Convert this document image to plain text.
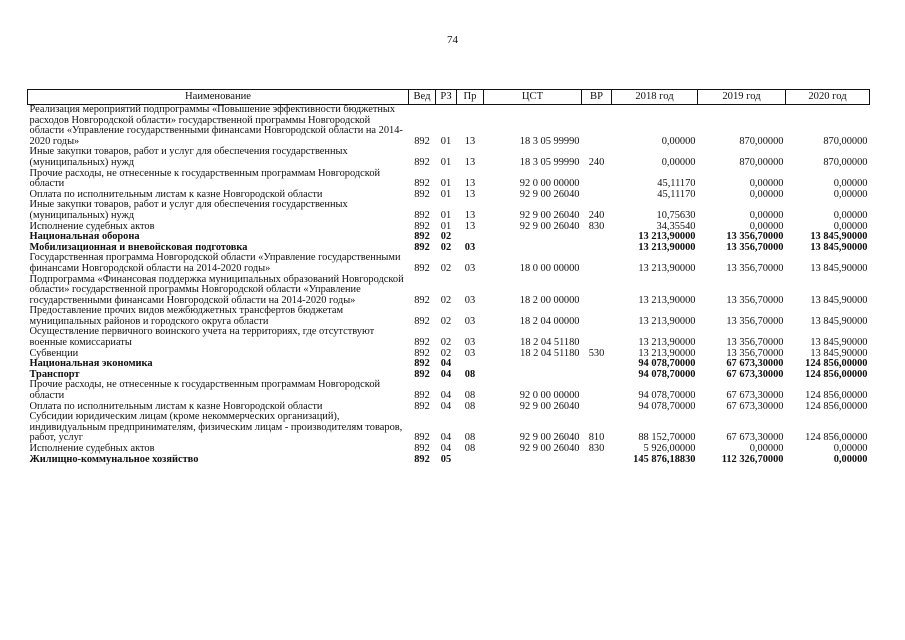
74
Наименование	Вед	РЗ	Пр	ЦСТ	ВР	2018 год	2019 год	2020 год
Реализация мероприятий подпрограммы «Повышение эффективности бюджетных расходов Новгородской области» государственной программы Новгородской области «Управление государственными финансами Новгородской области на 2014-2020 годы»	892	01	13	18 3 05 99990		0,00000	870,00000	870,00000
Иные закупки товаров, работ и услуг для обеспечения государственных (муниципальных) нужд	892	01	13	18 3 05 99990	240	0,00000	870,00000	870,00000
Прочие расходы, не отнесенные к государственным программам Новгородской области	892	01	13	92 0 00 00000		45,11170	0,00000	0,00000
Оплата по исполнительным листам к казне Новгородской области	892	01	13	92 9 00 26040		45,11170	0,00000	0,00000
Иные закупки товаров, работ и услуг для обеспечения государственных (муниципальных) нужд	892	01	13	92 9 00 26040	240	10,75630	0,00000	0,00000
Исполнение судебных актов	892	01	13	92 9 00 26040	830	34,35540	0,00000	0,00000
Национальная оборона	892	02				13 213,90000	13 356,70000	13 845,90000
Мобилизационная и вневойсковая подготовка	892	02	03			13 213,90000	13 356,70000	13 845,90000
Государственная программа Новгородской области «Управление государственными финансами Новгородской области на 2014-2020 годы»	892	02	03	18 0 00 00000		13 213,90000	13 356,70000	13 845,90000
Подпрограмма «Финансовая поддержка муниципальных образований Новгородской области» государственной программы Новгородской области «Управление государственными финансами Новгородской области на 2014-2020 годы»	892	02	03	18 2 00 00000		13 213,90000	13 356,70000	13 845,90000
Предоставление прочих видов межбюджетных трансфертов бюджетам муниципальных районов и городского округа области	892	02	03	18 2 04 00000		13 213,90000	13 356,70000	13 845,90000
Осуществление первичного воинского учета на территориях, где отсутствуют военные комиссариаты	892	02	03	18 2 04 51180		13 213,90000	13 356,70000	13 845,90000
Субвенции	892	02	03	18 2 04 51180	530	13 213,90000	13 356,70000	13 845,90000
Национальная экономика	892	04				94 078,70000	67 673,30000	124 856,00000
Транспорт	892	04	08			94 078,70000	67 673,30000	124 856,00000
Прочие расходы, не отнесенные к государственным программам Новгородской области	892	04	08	92 0 00 00000		94 078,70000	67 673,30000	124 856,00000
Оплата по исполнительным листам к казне Новгородской области	892	04	08	92 9 00 26040		94 078,70000	67 673,30000	124 856,00000
Субсидии юридическим лицам (кроме некоммерческих организаций), индивидуальным предпринимателям, физическим лицам - производителям товаров, работ, услуг	892	04	08	92 9 00 26040	810	88 152,70000	67 673,30000	124 856,00000
Исполнение судебных актов	892	04	08	92 9 00 26040	830	5 926,00000	0,00000	0,00000
Жилищно-коммунальное хозяйство	892	05				145 876,18830	112 326,70000	0,00000
